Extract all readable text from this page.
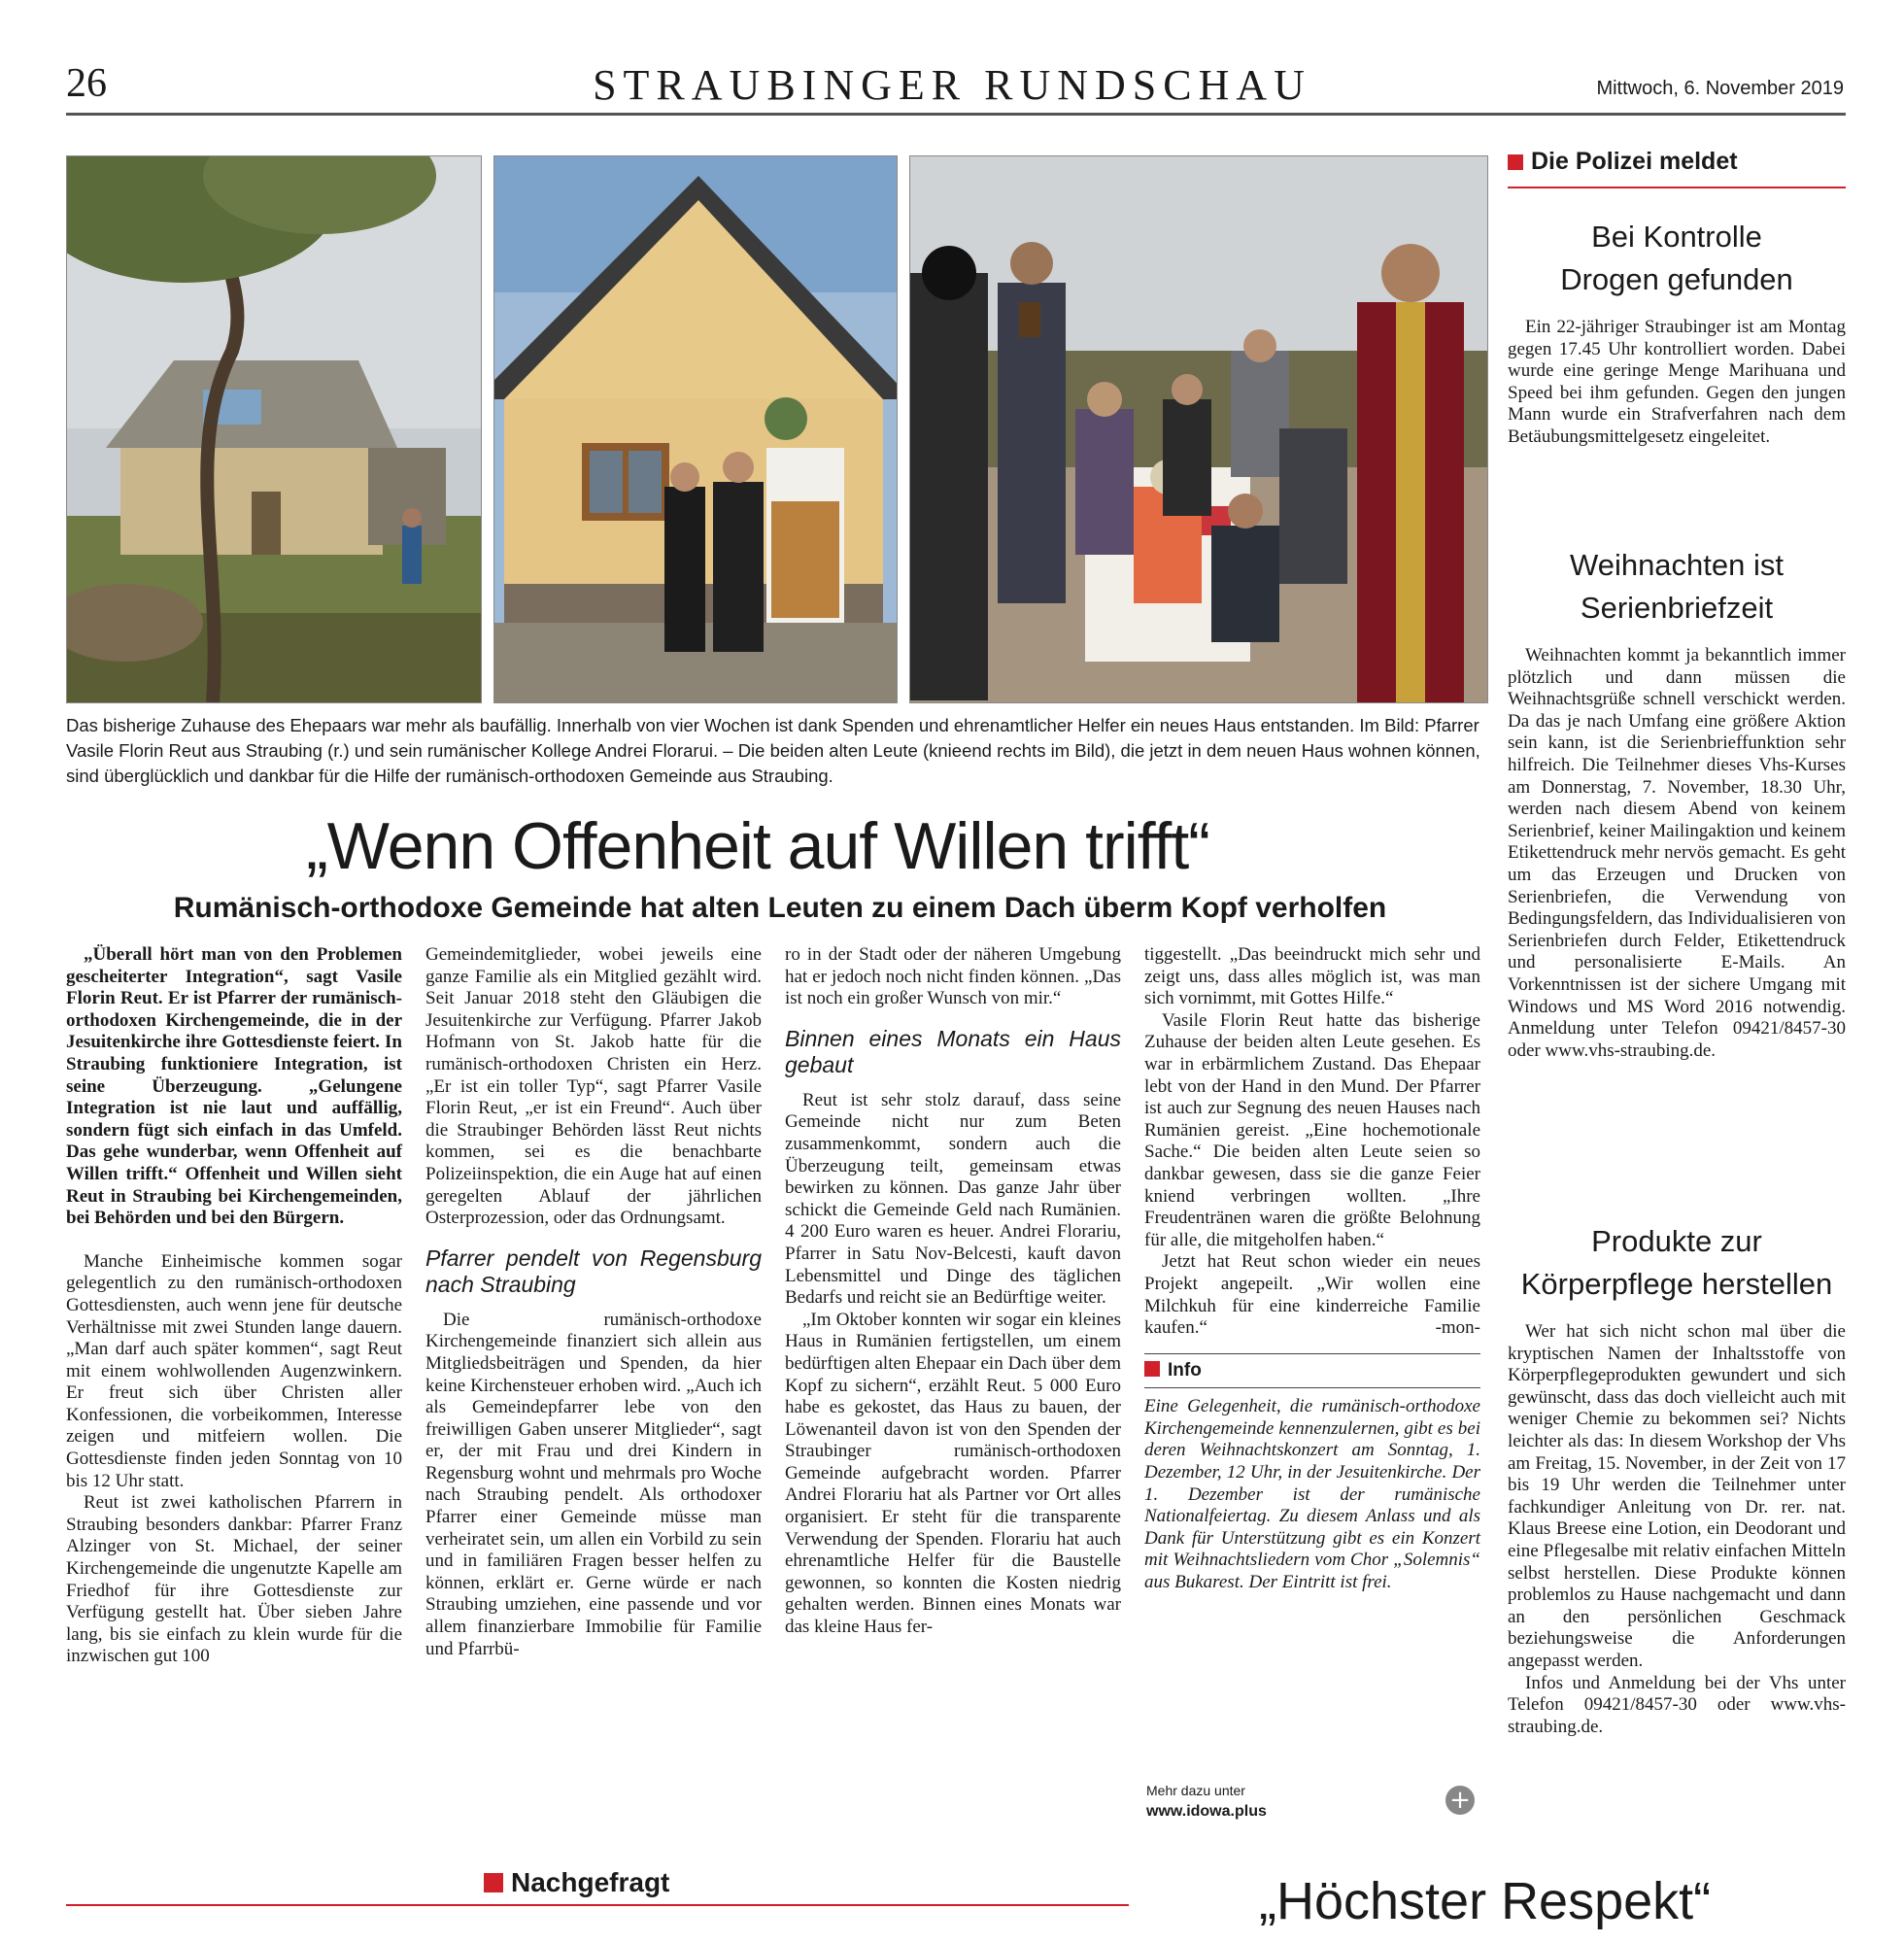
26	STRAUBINGER RUNDSCHAU	Mittwoch, 6. November 2019
Das bisherige Zuhause des Ehepaars war mehr als baufällig. Innerhalb von vier Wochen ist dank Spenden und ehrenamtlicher Helfer ein neues Haus entstanden. Im Bild: Pfarrer Vasile Florin Reut aus Straubing (r.) und sein rumänischer Kollege Andrei Florarui. – Die beiden alten Leute (knieend rechts im Bild), die jetzt in dem neuen Haus wohnen können, sind überglücklich und dankbar für die Hilfe der rumänisch-orthodoxen Gemeinde aus Straubing.
„Wenn Offenheit auf Willen trifft“
Rumänisch-orthodoxe Gemeinde hat alten Leuten zu einem Dach überm Kopf verholfen

„Überall hört man von den Problemen gescheiterter Integration“, sagt Vasile Florin Reut. Er ist Pfarrer der rumänisch-orthodoxen Kirchengemeinde, die in der Jesuitenkirche ihre Gottesdienste feiert. In Straubing funktioniere Integration, ist seine Überzeugung. „Gelungene Integration ist nie laut und auffällig, sondern fügt sich einfach in das Umfeld. Das gehe wunderbar, wenn Offenheit auf Willen trifft.“ Offenheit und Willen sieht Reut in Straubing bei Kirchengemeinden, bei Behörden und bei den Bürgern.

Manche Einheimische kommen sogar gelegentlich zu den rumänisch-orthodoxen Gottesdiensten, auch wenn jene für deutsche Verhältnisse mit zwei Stunden lange dauern. „Man darf auch später kommen“, sagt Reut mit einem wohlwollenden Augenzwinkern. Er freut sich über Christen aller Konfessionen, die vorbeikommen, Interesse zeigen und mitfeiern wollen. Die Gottesdienste finden jeden Sonntag von 10 bis 12 Uhr statt.

Reut ist zwei katholischen Pfarrern in Straubing besonders dankbar: Pfarrer Franz Alzinger von St. Michael, der seiner Kirchengemeinde die ungenutzte Kapelle am Friedhof für ihre Gottesdienste zur Verfügung gestellt hat. Über sieben Jahre lang, bis sie einfach zu klein wurde für die inzwischen gut 100

Gemeindemitglieder, wobei jeweils eine ganze Familie als ein Mitglied gezählt wird. Seit Januar 2018 steht den Gläubigen die Jesuitenkirche zur Verfügung. Pfarrer Jakob Hofmann von St. Jakob hatte für die rumänisch-orthodoxen Christen ein Herz. „Er ist ein toller Typ“, sagt Pfarrer Vasile Florin Reut, „er ist ein Freund“. Auch über die Straubinger Behörden lässt Reut nichts kommen, sei es die benachbarte Polizeiinspektion, die ein Auge hat auf einen geregelten Ablauf der jährlichen Osterprozession, oder das Ordnungsamt.

Pfarrer pendelt von Regensburg nach Straubing

Die rumänisch-orthodoxe Kirchengemeinde finanziert sich allein aus Mitgliedsbeiträgen und Spenden, da hier keine Kirchensteuer erhoben wird. „Auch ich als Gemeindepfarrer lebe von den freiwilligen Gaben unserer Mitglieder“, sagt er, der mit Frau und drei Kindern in Regensburg wohnt und mehrmals pro Woche nach Straubing pendelt. Als orthodoxer Pfarrer einer Gemeinde müsse man verheiratet sein, um allen ein Vorbild zu sein und in familiären Fragen besser helfen zu können, erklärt er. Gerne würde er nach Straubing umziehen, eine passende und vor allem finanzierbare Immobilie für Familie und Pfarrbü-

ro in der Stadt oder der näheren Umgebung hat er jedoch noch nicht finden können. „Das ist noch ein großer Wunsch von mir.“

Binnen eines Monats ein Haus gebaut

Reut ist sehr stolz darauf, dass seine Gemeinde nicht nur zum Beten zusammenkommt, sondern auch die Überzeugung teilt, gemeinsam etwas bewirken zu können. Das ganze Jahr über schickt die Gemeinde Geld nach Rumänien. 4 200 Euro waren es heuer. Andrei Florariu, Pfarrer in Satu Nov-Belcesti, kauft davon Lebensmittel und Dinge des täglichen Bedarfs und reicht sie an Bedürftige weiter.

„Im Oktober konnten wir sogar ein kleines Haus in Rumänien fertigstellen, um einem bedürftigen alten Ehepaar ein Dach über dem Kopf zu sichern“, erzählt Reut. 5 000 Euro habe es gekostet, das Haus zu bauen, der Löwenanteil davon ist von den Spenden der Straubinger rumänisch-orthodoxen Gemeinde aufgebracht worden. Pfarrer Andrei Florariu hat als Partner vor Ort alles organisiert. Er steht für die transparente Verwendung der Spenden. Florariu hat auch ehrenamtliche Helfer für die Baustelle gewonnen, so konnten die Kosten niedrig gehalten werden. Binnen eines Monats war das kleine Haus fer-

tiggestellt. „Das beeindruckt mich sehr und zeigt uns, dass alles möglich ist, was man sich vornimmt, mit Gottes Hilfe.“

Vasile Florin Reut hatte das bisherige Zuhause der beiden alten Leute gesehen. Es war in erbärmlichem Zustand. Das Ehepaar lebt von der Hand in den Mund. Der Pfarrer ist auch zur Segnung des neuen Hauses nach Rumänien gereist. „Eine hochemotionale Sache.“ Die beiden alten Leute seien so dankbar gewesen, dass sie die ganze Feier kniend verbringen wollten. „Ihre Freudentränen waren die größte Belohnung für alle, die mitgeholfen haben.“

Jetzt hat Reut schon wieder ein neues Projekt angepeilt. „Wir wollen eine Milchkuh für eine kinderreiche Familie kaufen.“	-mon-

Info

Eine Gelegenheit, die rumänisch-orthodoxe Kirchengemeinde kennenzulernen, gibt es bei deren Weihnachtskonzert am Sonntag, 1. Dezember, 12 Uhr, in der Jesuitenkirche. Der 1. Dezember ist der rumänische Nationalfeiertag. Zu diesem Anlass und als Dank für Unterstützung gibt es ein Konzert mit Weihnachtsliedern vom Chor „Solemnis“ aus Bukarest. Der Eintritt ist frei.

Mehr dazu unter
www.idowa.plus	+
Die Polizei meldet
Bei Kontrolle
Drogen gefunden

Ein 22-jähriger Straubinger ist am Montag gegen 17.45 Uhr kontrolliert worden. Dabei wurde eine geringe Menge Marihuana und Speed bei ihm gefunden. Gegen den jungen Mann wurde ein Strafverfahren nach dem Betäubungsmittelgesetz eingeleitet.

Weihnachten ist
Serienbriefzeit

Weihnachten kommt ja bekanntlich immer plötzlich und dann müssen die Weihnachtsgrüße schnell verschickt werden. Da das je nach Umfang eine größere Aktion sein kann, ist die Serienbrieffunktion sehr hilfreich. Die Teilnehmer dieses Vhs-Kurses am Donnerstag, 7. November, 18.30 Uhr, werden nach diesem Abend von keinem Serienbrief, keiner Mailingaktion und keinem Etikettendruck mehr nervös gemacht. Es geht um das Erzeugen und Drucken von Serienbriefen, die Verwendung von Bedingungsfeldern, das Individualisieren von Serienbriefen durch Felder, Etikettendruck und personalisierte E-Mails. An Vorkenntnissen ist der sichere Umgang mit Windows und MS Word 2016 notwendig. Anmeldung unter Telefon 09421/8457-30 oder www.vhs-straubing.de.

Produkte zur
Körperpflege herstellen

Wer hat sich nicht schon mal über die kryptischen Namen der Inhaltsstoffe von Körperpflegeprodukten gewundert und sich gewünscht, dass das doch vielleicht auch mit weniger Chemie zu bekommen sei? Nichts leichter als das: In diesem Workshop der Vhs am Freitag, 15. November, in der Zeit von 17 bis 19 Uhr werden die Teilnehmer unter fachkundiger Anleitung von Dr. rer. nat. Klaus Breese eine Lotion, ein Deodorant und eine Pflegesalbe mit relativ einfachen Mitteln selbst herstellen. Diese Produkte können problemlos zu Hause nachgemacht und dann an den persönlichen Geschmack beziehungsweise die Anforderungen angepasst werden.

Infos und Anmeldung bei der Vhs unter Telefon 09421/8457-30 oder www.vhs-straubing.de.

Nachgefragt	„Höchster Respekt“
